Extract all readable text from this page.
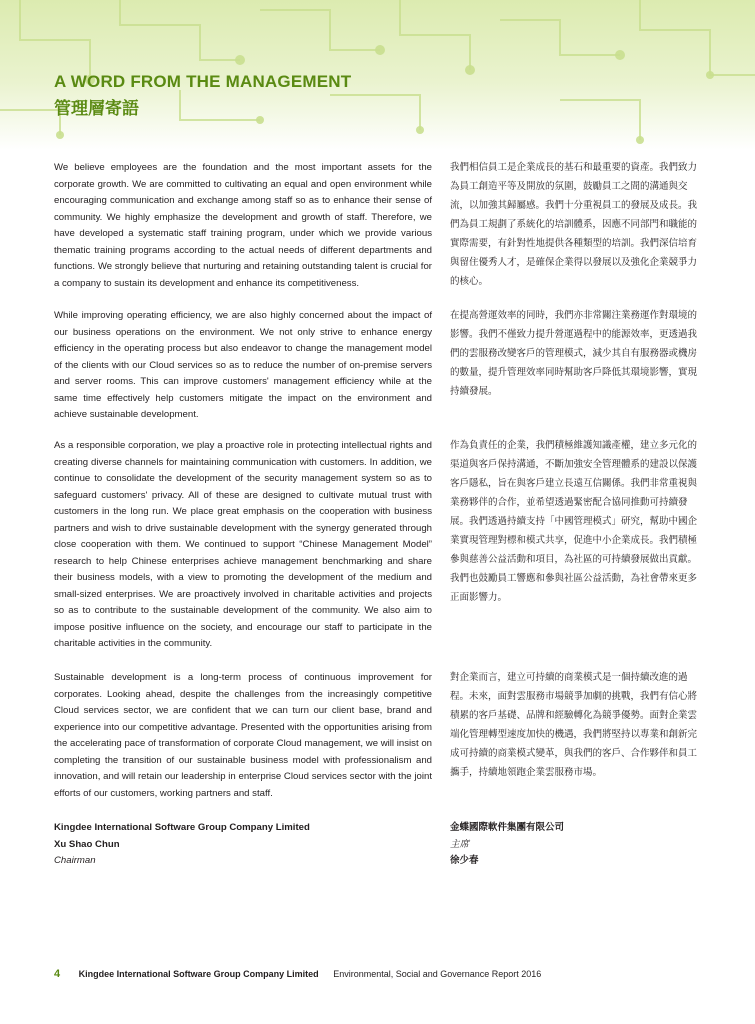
A WORD FROM THE MANAGEMENT
管理層寄語

We believe employees are the foundation and the most important assets for the corporate growth. We are committed to cultivating an equal and open environment while encouraging communication and exchange among staff so as to enhance their sense of community. We highly emphasize the development and growth of staff. Therefore, we have developed a systematic staff training program, under which we provide various thematic training programs according to the actual needs of different departments and functions. We strongly believe that nurturing and retaining outstanding talent is crucial for a company to sustain its development and enhance its competitiveness.

While improving operating efficiency, we are also highly concerned about the impact of our business operations on the environment. We not only strive to enhance energy efficiency in the operating process but also endeavor to change the management model of the clients with our Cloud services so as to reduce the number of on-premise servers and server rooms. This can improve customers' management efficiency while at the same time effectively help customers mitigate the impact on the environment and achieve sustainable development.

As a responsible corporation, we play a proactive role in protecting intellectual rights and creating diverse channels for maintaining communication with customers. In addition, we continue to consolidate the development of the security management system so as to safeguard customers' privacy. All of these are designed to cultivate mutual trust with customers in the long run. We place great emphasis on the cooperation with business partners and wish to drive sustainable development with the synergy generated through close cooperation with them. We continued to support “Chinese Management Model” research to help Chinese enterprises achieve management benchmarking and share their business models, with a view to promoting the development of the medium and small-sized enterprises. We are proactively involved in charitable activities and projects so as to contribute to the sustainable development of the community. We also aim to impose positive influence on the society, and encourage our staff to participate in the charitable activities in the community.

Sustainable development is a long-term process of continuous improvement for corporates. Looking ahead, despite the challenges from the increasingly competitive Cloud services sector, we are confident that we can turn our client base, brand and experience into our competitive advantage. Presented with the opportunities arising from the accelerating pace of transformation of corporate Cloud management, we will insist on completing the transition of our sustainable business model with professionalism and innovation, and will retain our leadership in enterprise Cloud services sector with the joint efforts of our customers, working partners and staff.

我們相信員工是企業成長的基石和最重要的資產。我們致力為員工創造平等及開放的氛圍，鼓勵員工之間的溝通與交流，以加強其歸屬感。我們十分重視員工的發展及成長。我們為員工規劃了系統化的培訓體系，因應不同部門和職能的實際需要，有針對性地提供各種類型的培訓。我們深信培育與留住優秀人才，是確保企業得以發展以及強化企業競爭力的核心。

在提高營運效率的同時，我們亦非常關注業務運作對環境的影響。我們不僅致力提升營運過程中的能源效率，更透過我們的雲服務改變客戶的管理模式，減少其自有服務器或機房的數量，提升管理效率同時幫助客戶降低其環境影響，實現持續發展。

作為負責任的企業，我們積極維護知識產權，建立多元化的渠道與客戶保持溝通，不斷加強安全管理體系的建設以保護客戶隱私，旨在與客戶建立長遠互信關係。我們非常重視與業務夥伴的合作，並希望透過緊密配合協同推動可持續發展。我們透過持續支持「中國管理模式」研究，幫助中國企業實現管理對標和模式共享，促進中小企業成長。我們積極參與慈善公益活動和項目，為社區的可持續發展做出貢獻。我們也鼓勵員工響應和參與社區公益活動，為社會帶來更多正面影響力。

對企業而言，建立可持續的商業模式是一個持續改進的過程。未來，面對雲服務市場競爭加劇的挑戰，我們有信心將積累的客戶基礎、品牌和經驗轉化為競爭優勢。面對企業雲端化管理轉型速度加快的機遇，我們將堅持以專業和創新完成可持續的商業模式變革，與我們的客戶、合作夥伴和員工攜手，持續地領跑企業雲服務市場。

Kingdee International Software Group Company Limited
Xu Shao Chun
Chairman
金蝶國際軟件集團有限公司
主席
徐少春
4 Kingdee International Software Group Company Limited Environmental, Social and Governance Report 2016
